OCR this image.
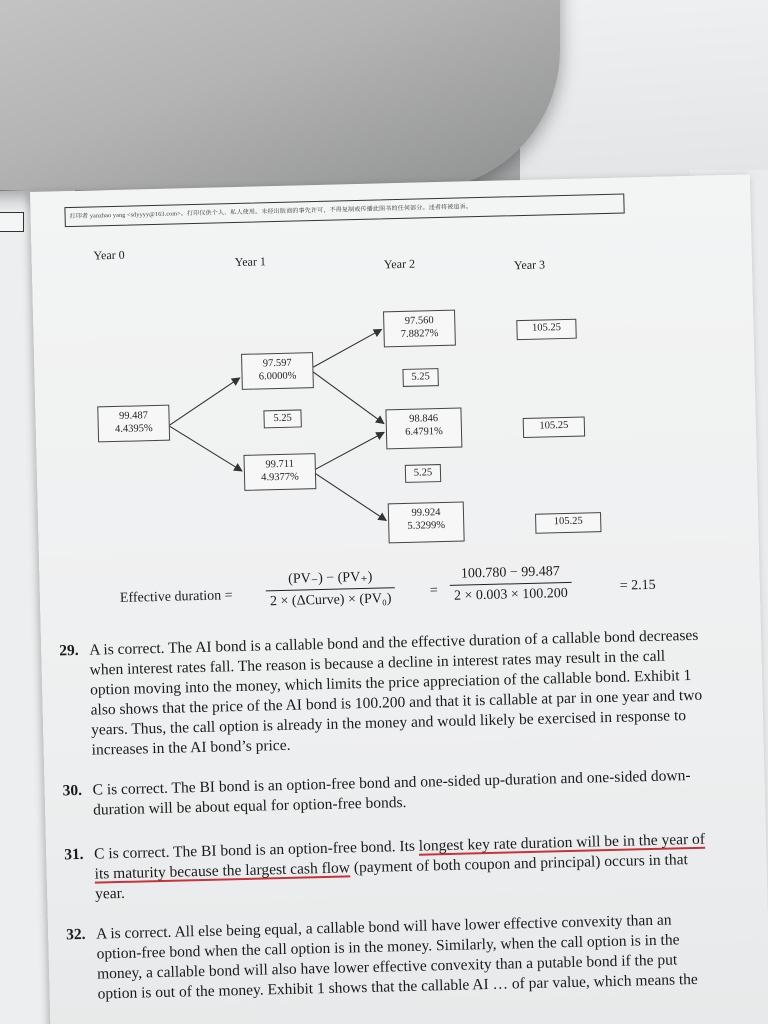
打印者 yanzhao yang <sdyyyy@163.com>。打印仅供个人、私人使用。未经出版商的事先许可，不得复制或传播此图书的任何部分。违者将被追诉。
Year 0	Year 1	Year 2	Year 3
99.487
4.4395%
97.597
6.0000%
5.25
99.711
4.9377%
97.560
7.8827%
5.25
98.846
6.4791%
5.25
99.924
5.3299%
105.25
105.25
105.25
Effective duration =
(PV₋) − (PV₊)
2 × (ΔCurve) × (PV₀)
= $\frac{100.780 - 99.487}{2 \times 0.003 \times 100.200}$	= 2.15
29. A is correct. The AI bond is a callable bond and the effective duration of a callable bond decreases when interest rates fall. The reason is because a decline in interest rates may result in the call option moving into the money, which limits the price appreciation of the callable bond. Exhibit 1 also shows that the price of the AI bond is 100.200 and that it is callable at par in one year and two years. Thus, the call option is already in the money and would likely be exercised in response to increases in the AI bond’s price.

30. C is correct. The BI bond is an option-free bond and one-sided up-duration and one-sided down-duration will be about equal for option-free bonds.

31. C is correct. The BI bond is an option-free bond. Its longest key rate duration will be in the year of its maturity because the largest cash flow (payment of both coupon and principal) occurs in that year.

32. A is correct. All else being equal, a callable bond will have lower effective convexity than an option-free bond when the call option is in the money. Similarly, when the call option is in the money, a callable bond will also have lower effective convexity than a putable bond if the put option is out of the money. Exhibit 1 shows that the callable AI … of par value, which means the
